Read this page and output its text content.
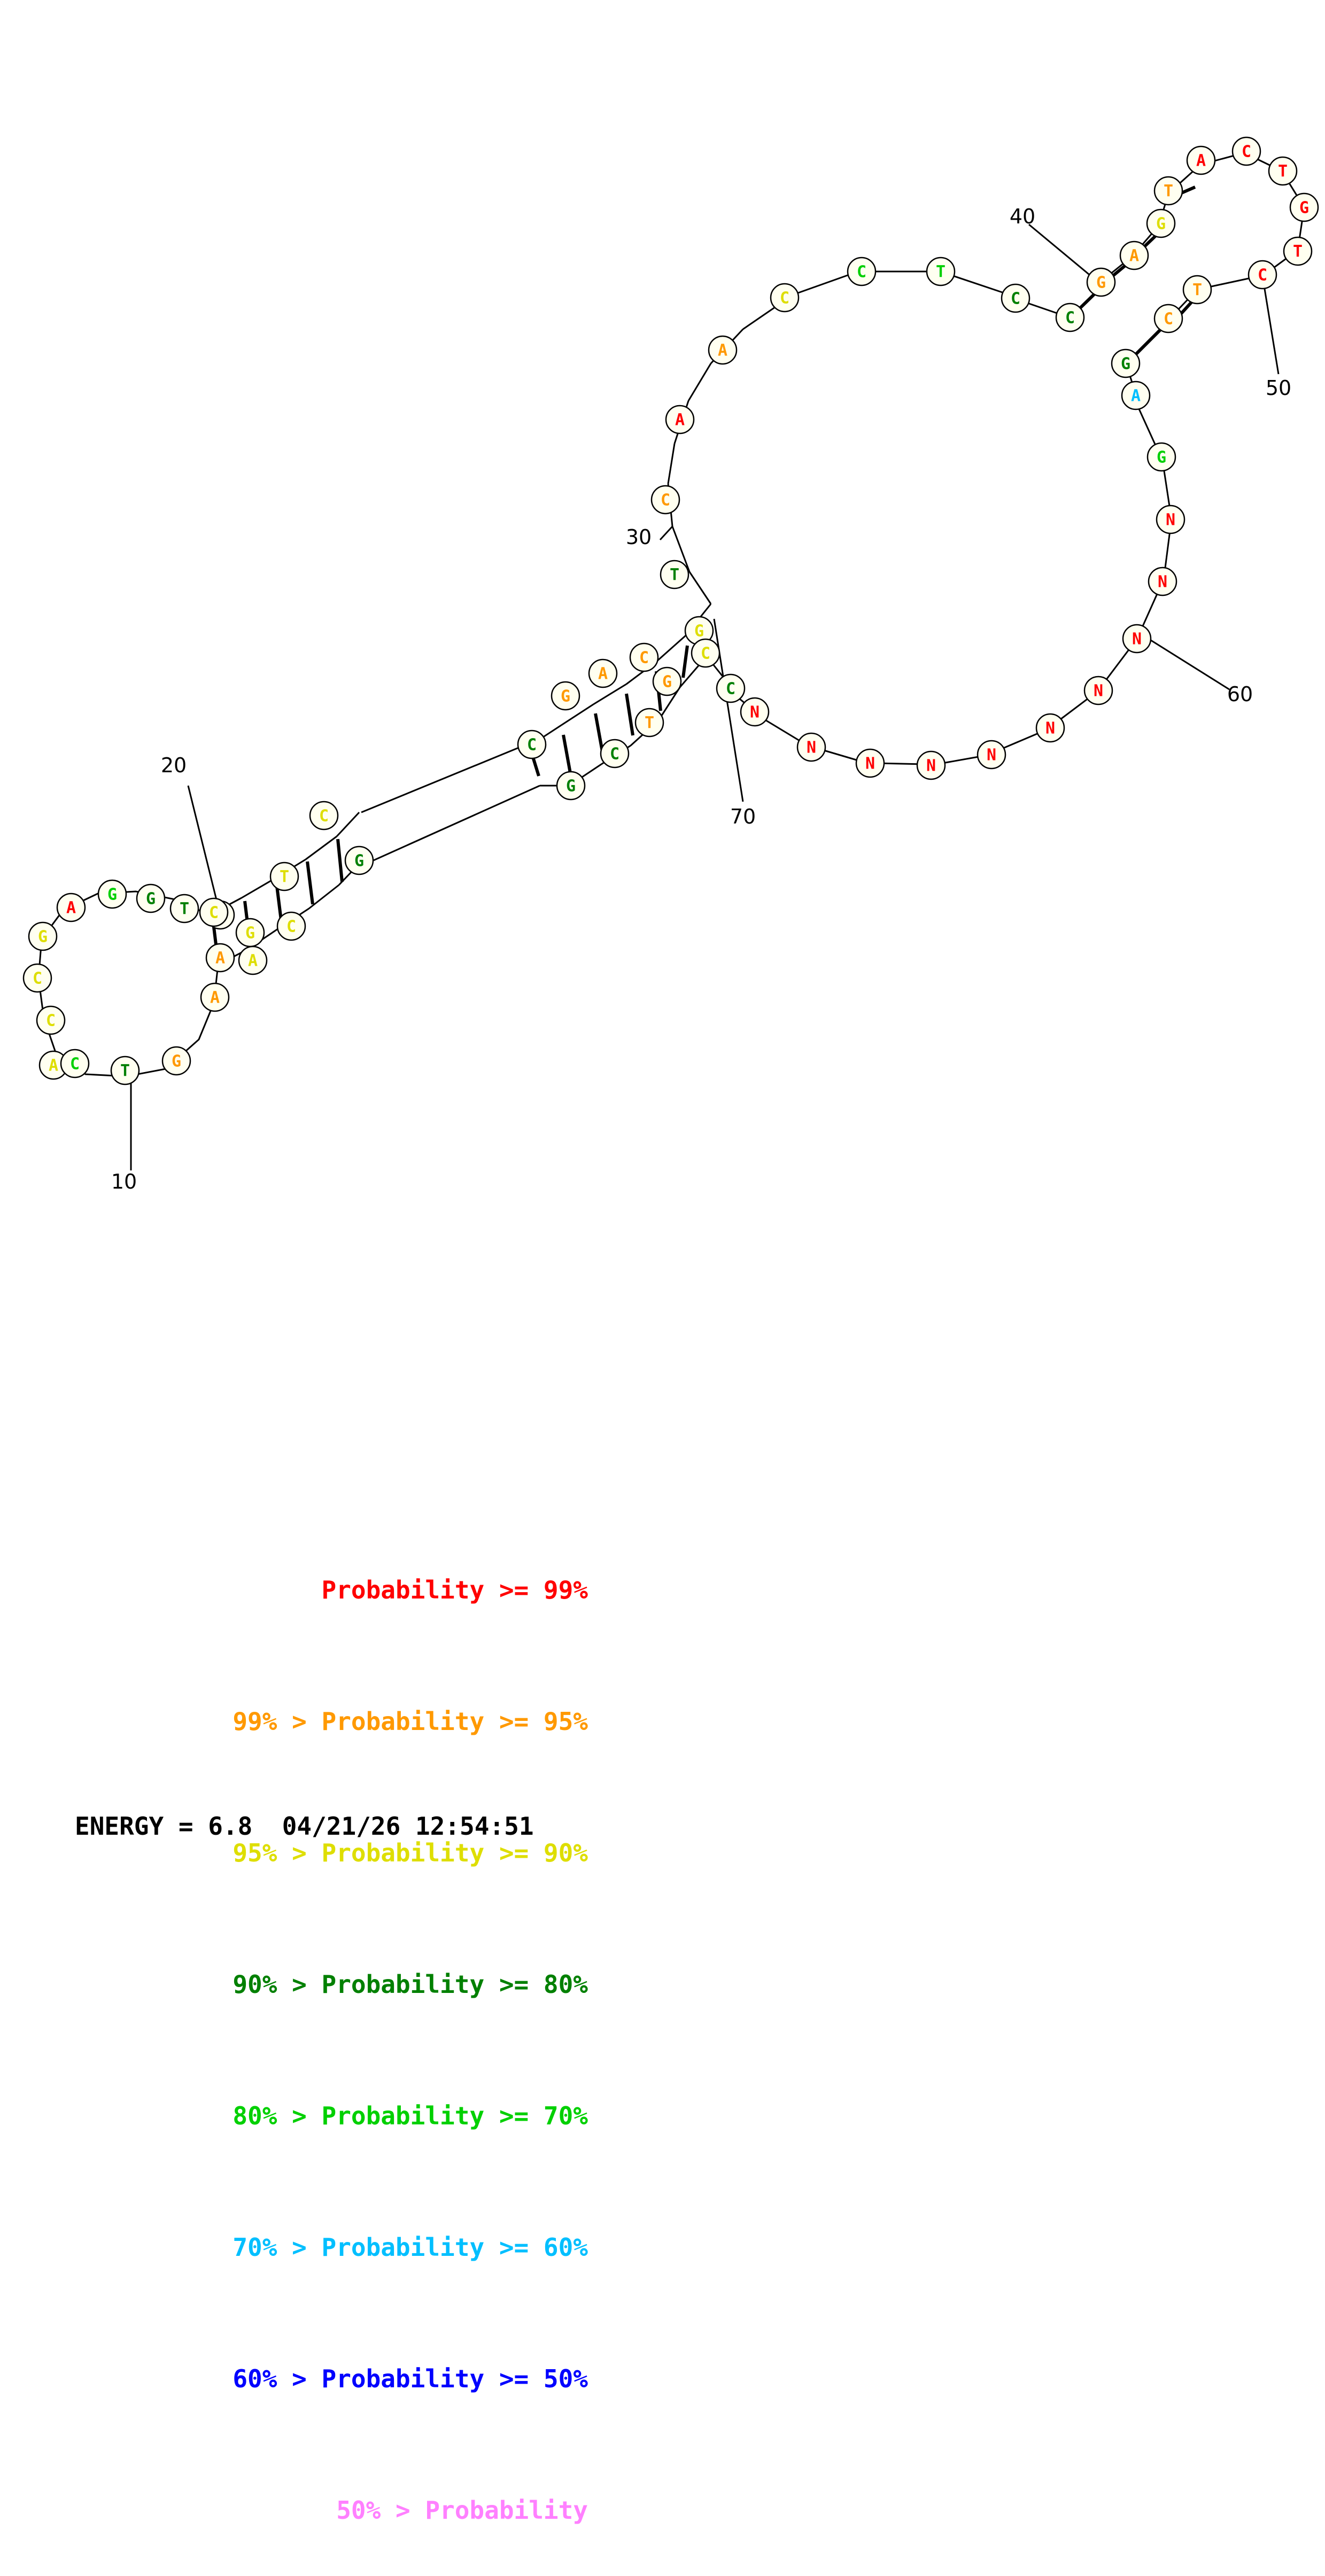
C
A C	T
G
A
A
T
G
G
A
G
C
C
G
T
A
C
C
G
C
G
A
C
G
T
C
A
A
C
C	T
C
C
G
A
G
T
A C
T
G
T
C
T
C
G
A
G
N
N
N
N
N
N
N
N
N
N
C
C
G
T
C
G
10
20
30
40
50
60
70

Probability >= 99%

99% > Probability >= 95%

95% > Probability >= 90%

90% > Probability >= 80%

80% > Probability >= 70%

70% > Probability >= 60%

60% > Probability >= 50%

50% > Probability

ENERGY = 6.8  04/21/26 12:54:51
